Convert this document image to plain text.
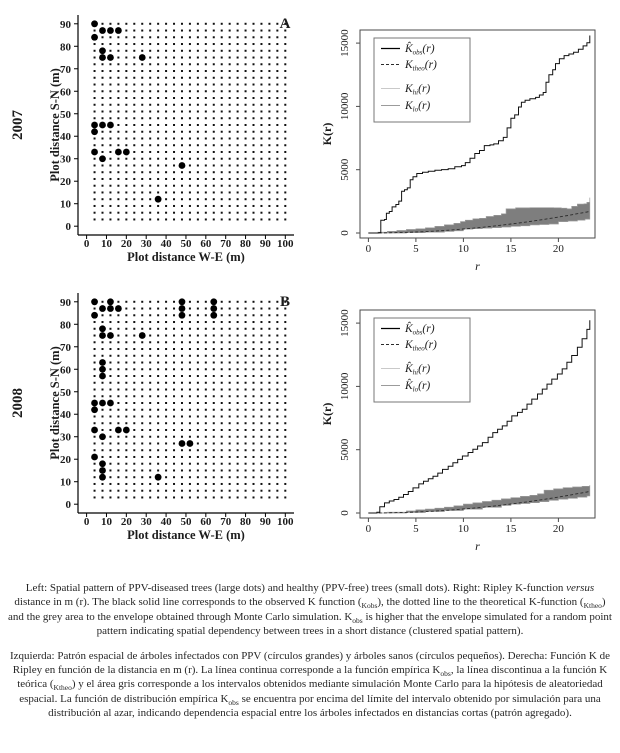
0 10 20 30 40 50 60 70 80 90 100
0
10
20
30
40
50
60
70
80
90
Plot distance W-E (m)
Plot distance S-N (m)
2007
A
0	5	10	15	20
0
5000
10000
15000	$K̂_{obs}(r)$
$K_{theo}(r)$
$K_{hi}(r)$
$K_{lo}(r)$
K(r)
r
0 10 20 30 40 50 60 70 80 90 100
0
10
20
30
40
50
60
70
80
90
Plot distance W-E (m)
Plot distance S-N (m)
2008
B
0	5	10	15	20
0
5000
10000
15000	$K̂_{obs}(r)$
$K_{theo}(r)$
$K̂_{hi}(r)$
$K̂_{lo}(r)$
K(r)
r

Left: Spatial pattern of PPV-diseased trees (large dots) and healthy (PPV-free) trees (small dots). Right: Ripley K-function versus distance in m (r). The black solid line corresponds to the observed K function $(_{Kobs})$, the dotted line to the theoretical K-function $(_{Ktheo})$ and the grey area to the envelope obtained through Monte Carlo simulation. $K_{obs}$ is higher that the envelope simulated for a random point pattern indicating spatial dependency between trees in a short distance (clustered spatial pattern).

Izquierda: Patrón espacial de árboles infectados con PPV (círculos grandes) y árboles sanos (círculos pequeños). Derecha: Función K de Ripley en función de la distancia en m (r). La línea continua corresponde a la función empírica $K_{obs}$, la línea discontinua a la función K teórica $(_{Ktheo})$ y el área gris corresponde a los intervalos obtenidos mediante simulación Monte Carlo para la hipótesis de aleatoriedad espacial. La función de distribución empírica $K_{obs}$ se encuentra por encima del límite del intervalo obtenido por simulación para una distribución al azar, indicando dependencia espacial entre los árboles infectados en distancias cortas (patrón agregado).
